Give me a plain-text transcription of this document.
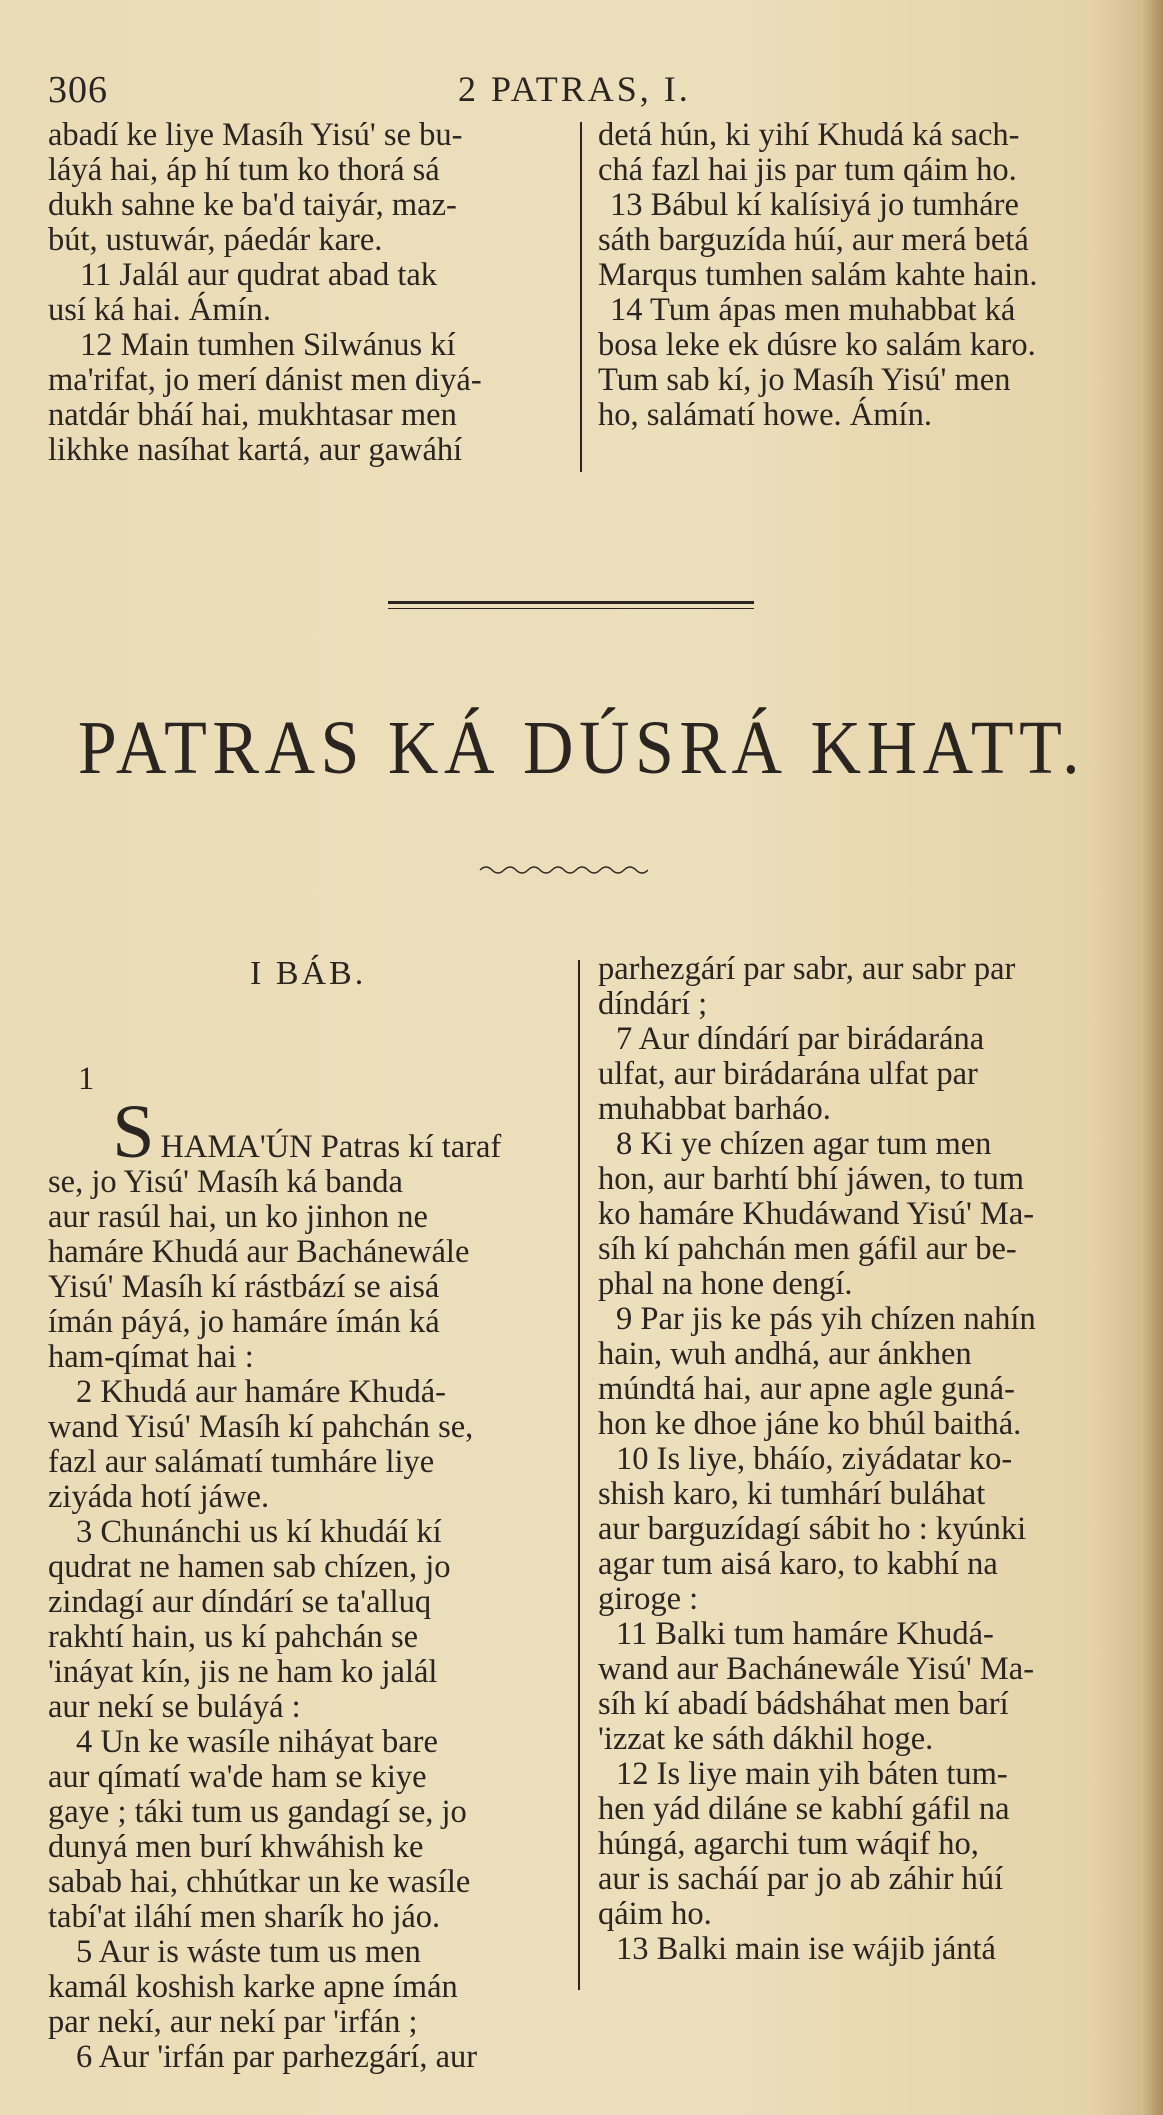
306	2 PATRAS, I.

abadí ke liye Masíh Yisú' se bu-
láyá hai, áp hí tum ko thorá sá
dukh sahne ke ba'd taiyár, maz-
bút, ustuwár, páedár kare.

11 Jalál aur qudrat abad tak
usí ká hai. Ámín.

12 Main tumhen Silwánus kí
ma'rifat, jo merí dánist men diyá-
natdár bháí hai, mukhtasar men
likhke nasíhat kartá, aur gawáhí

detá hún, ki yihí Khudá ká sach-
chá fazl hai jis par tum qáim ho.

13 Bábul kí kalísiyá jo tumháre
sáth barguzída húí, aur merá betá
Marqus tumhen salám kahte hain.

14 Tum ápas men muhabbat ká
bosa leke ek dúsre ko salám karo.
Tum sab kí, jo Masíh Yisú' men
ho, salámatí howe. Ámín.

PATRAS KÁ DÚSRÁ KHATT.
I BÁB.

1

S HAMA'ÚN Patras kí taraf
se, jo Yisú' Masíh ká banda
aur rasúl hai, un ko jinhon ne
hamáre Khudá aur Bachánewále
Yisú' Masíh kí rástbází se aisá
ímán páyá, jo hamáre ímán ká
ham-qímat hai :

2 Khudá aur hamáre Khudá-
wand Yisú' Masíh kí pahchán se,
fazl aur salámatí tumháre liye
ziyáda hotí jáwe.

3 Chunánchi us kí khudáí kí
qudrat ne hamen sab chízen, jo
zindagí aur díndárí se ta'alluq
rakhtí hain, us kí pahchán se
'ináyat kín, jis ne ham ko jalál
aur nekí se buláyá :

4 Un ke wasíle niháyat bare
aur qímatí wa'de ham se kiye
gaye ; táki tum us gandagí se, jo
dunyá men burí khwáhish ke
sabab hai, chhútkar un ke wasíle
tabí'at iláhí men sharík ho jáo.

5 Aur is wáste tum us men
kamál koshish karke apne ímán
par nekí, aur nekí par 'irfán ;

6 Aur 'irfán par parhezgárí, aur

parhezgárí par sabr, aur sabr par
díndárí ;

7 Aur díndárí par birádarána
ulfat, aur birádarána ulfat par
muhabbat barháo.

8 Ki ye chízen agar tum men
hon, aur barhtí bhí jáwen, to tum
ko hamáre Khudáwand Yisú' Ma-
síh kí pahchán men gáfil aur be-
phal na hone dengí.

9 Par jis ke pás yih chízen nahín
hain, wuh andhá, aur ánkhen
múndtá hai, aur apne agle guná-
hon ke dhoe jáne ko bhúl baithá.

10 Is liye, bháío, ziyádatar ko-
shish karo, ki tumhárí buláhat
aur barguzídagí sábit ho : kyúnki
agar tum aisá karo, to kabhí na
giroge :

11 Balki tum hamáre Khudá-
wand aur Bachánewále Yisú' Ma-
síh kí abadí bádsháhat men barí
'izzat ke sáth dákhil hoge.

12 Is liye main yih báten tum-
hen yád diláne se kabhí gáfil na
húngá, agarchi tum wáqif ho,
aur is sacháí par jo ab záhir húí
qáim ho.

13 Balki main ise wájib jántá
